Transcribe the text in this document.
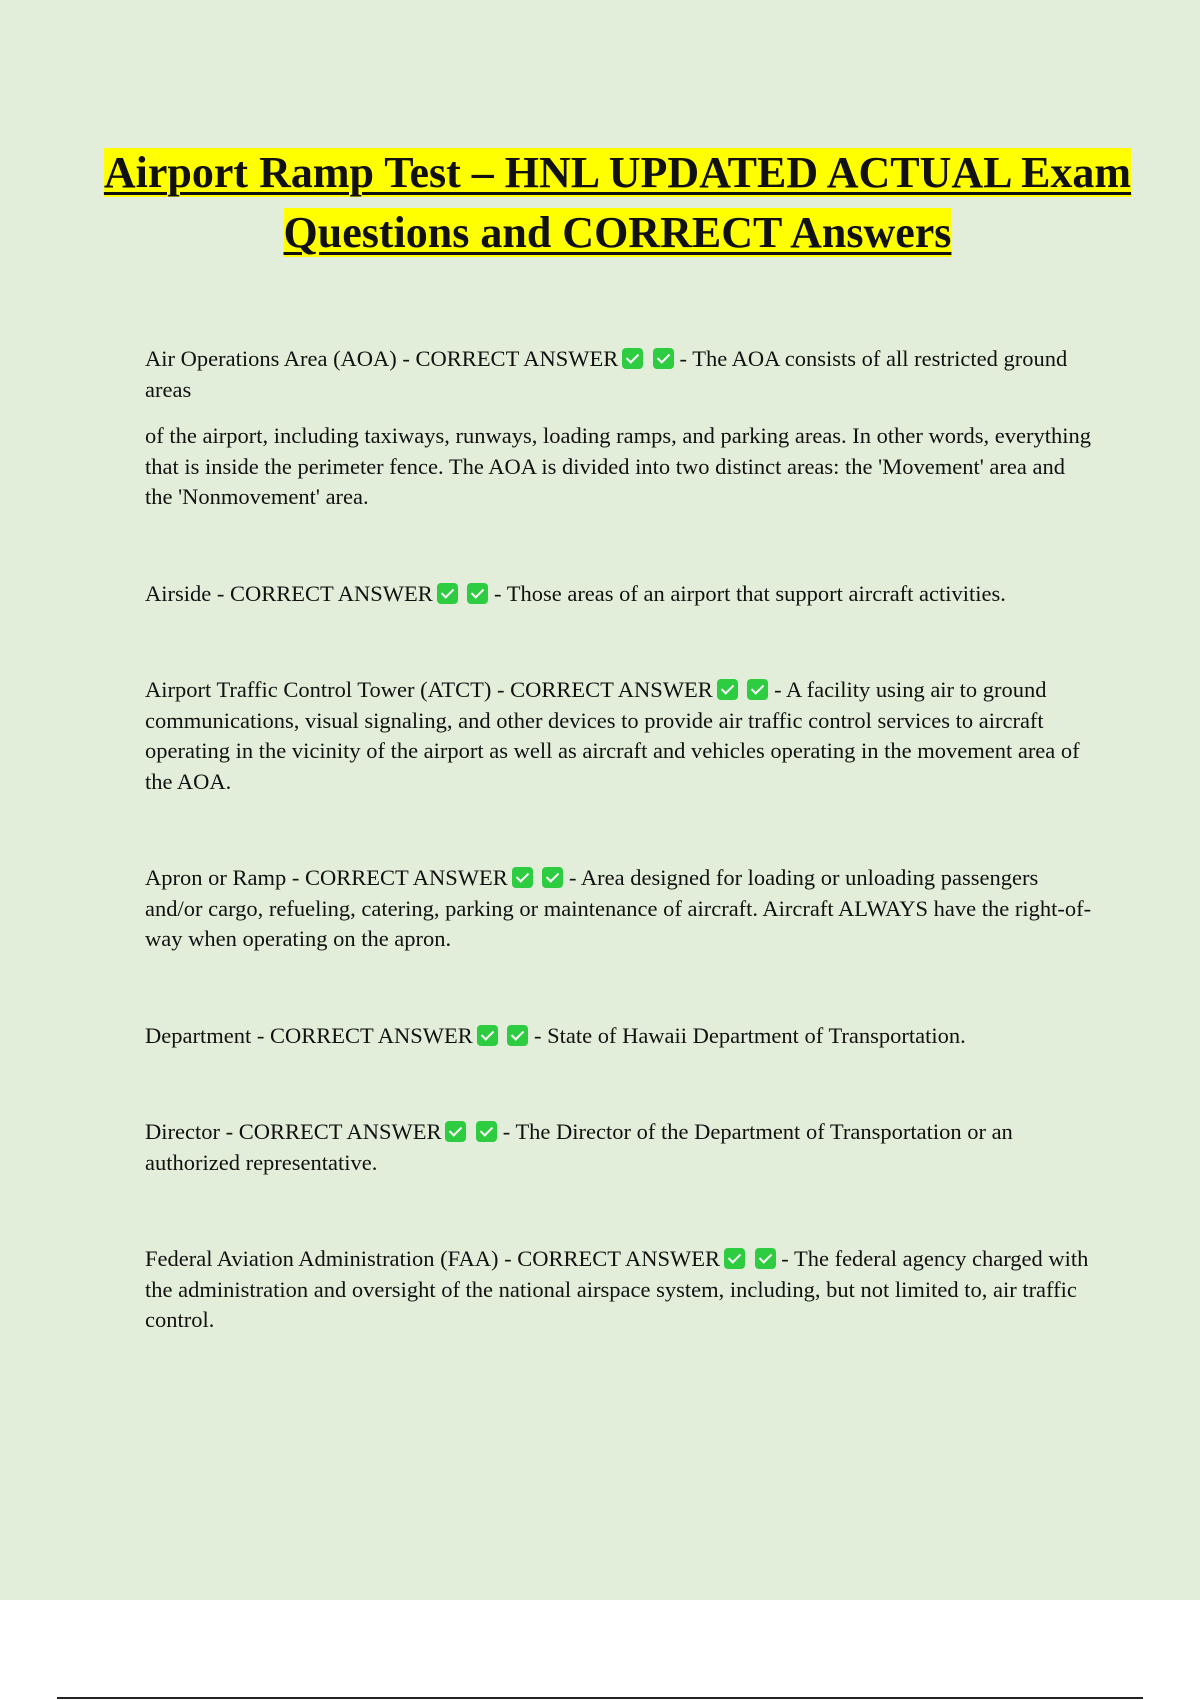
Airport Ramp Test – HNL UPDATED ACTUAL Exam Questions and CORRECT Answers

Air Operations Area (AOA) - CORRECT ANSWER  - The AOA consists of all restricted ground areas

of the airport, including taxiways, runways, loading ramps, and parking areas. In other words, everything that is inside the perimeter fence. The AOA is divided into two distinct areas: the 'Movement' area and the 'Nonmovement' area.

Airside - CORRECT ANSWER  - Those areas of an airport that support aircraft activities.

Airport Traffic Control Tower (ATCT) - CORRECT ANSWER  - A facility using air to ground communications, visual signaling, and other devices to provide air traffic control services to aircraft operating in the vicinity of the airport as well as aircraft and vehicles operating in the movement area of the AOA.

Apron or Ramp - CORRECT ANSWER  - Area designed for loading or unloading passengers and/or cargo, refueling, catering, parking or maintenance of aircraft. Aircraft ALWAYS have the right-of-way when operating on the apron.

Department - CORRECT ANSWER  - State of Hawaii Department of Transportation.

Director - CORRECT ANSWER  - The Director of the Department of Transportation or an authorized representative.

Federal Aviation Administration (FAA) - CORRECT ANSWER  - The federal agency charged with the administration and oversight of the national airspace system, including, but not limited to, air traffic control.
